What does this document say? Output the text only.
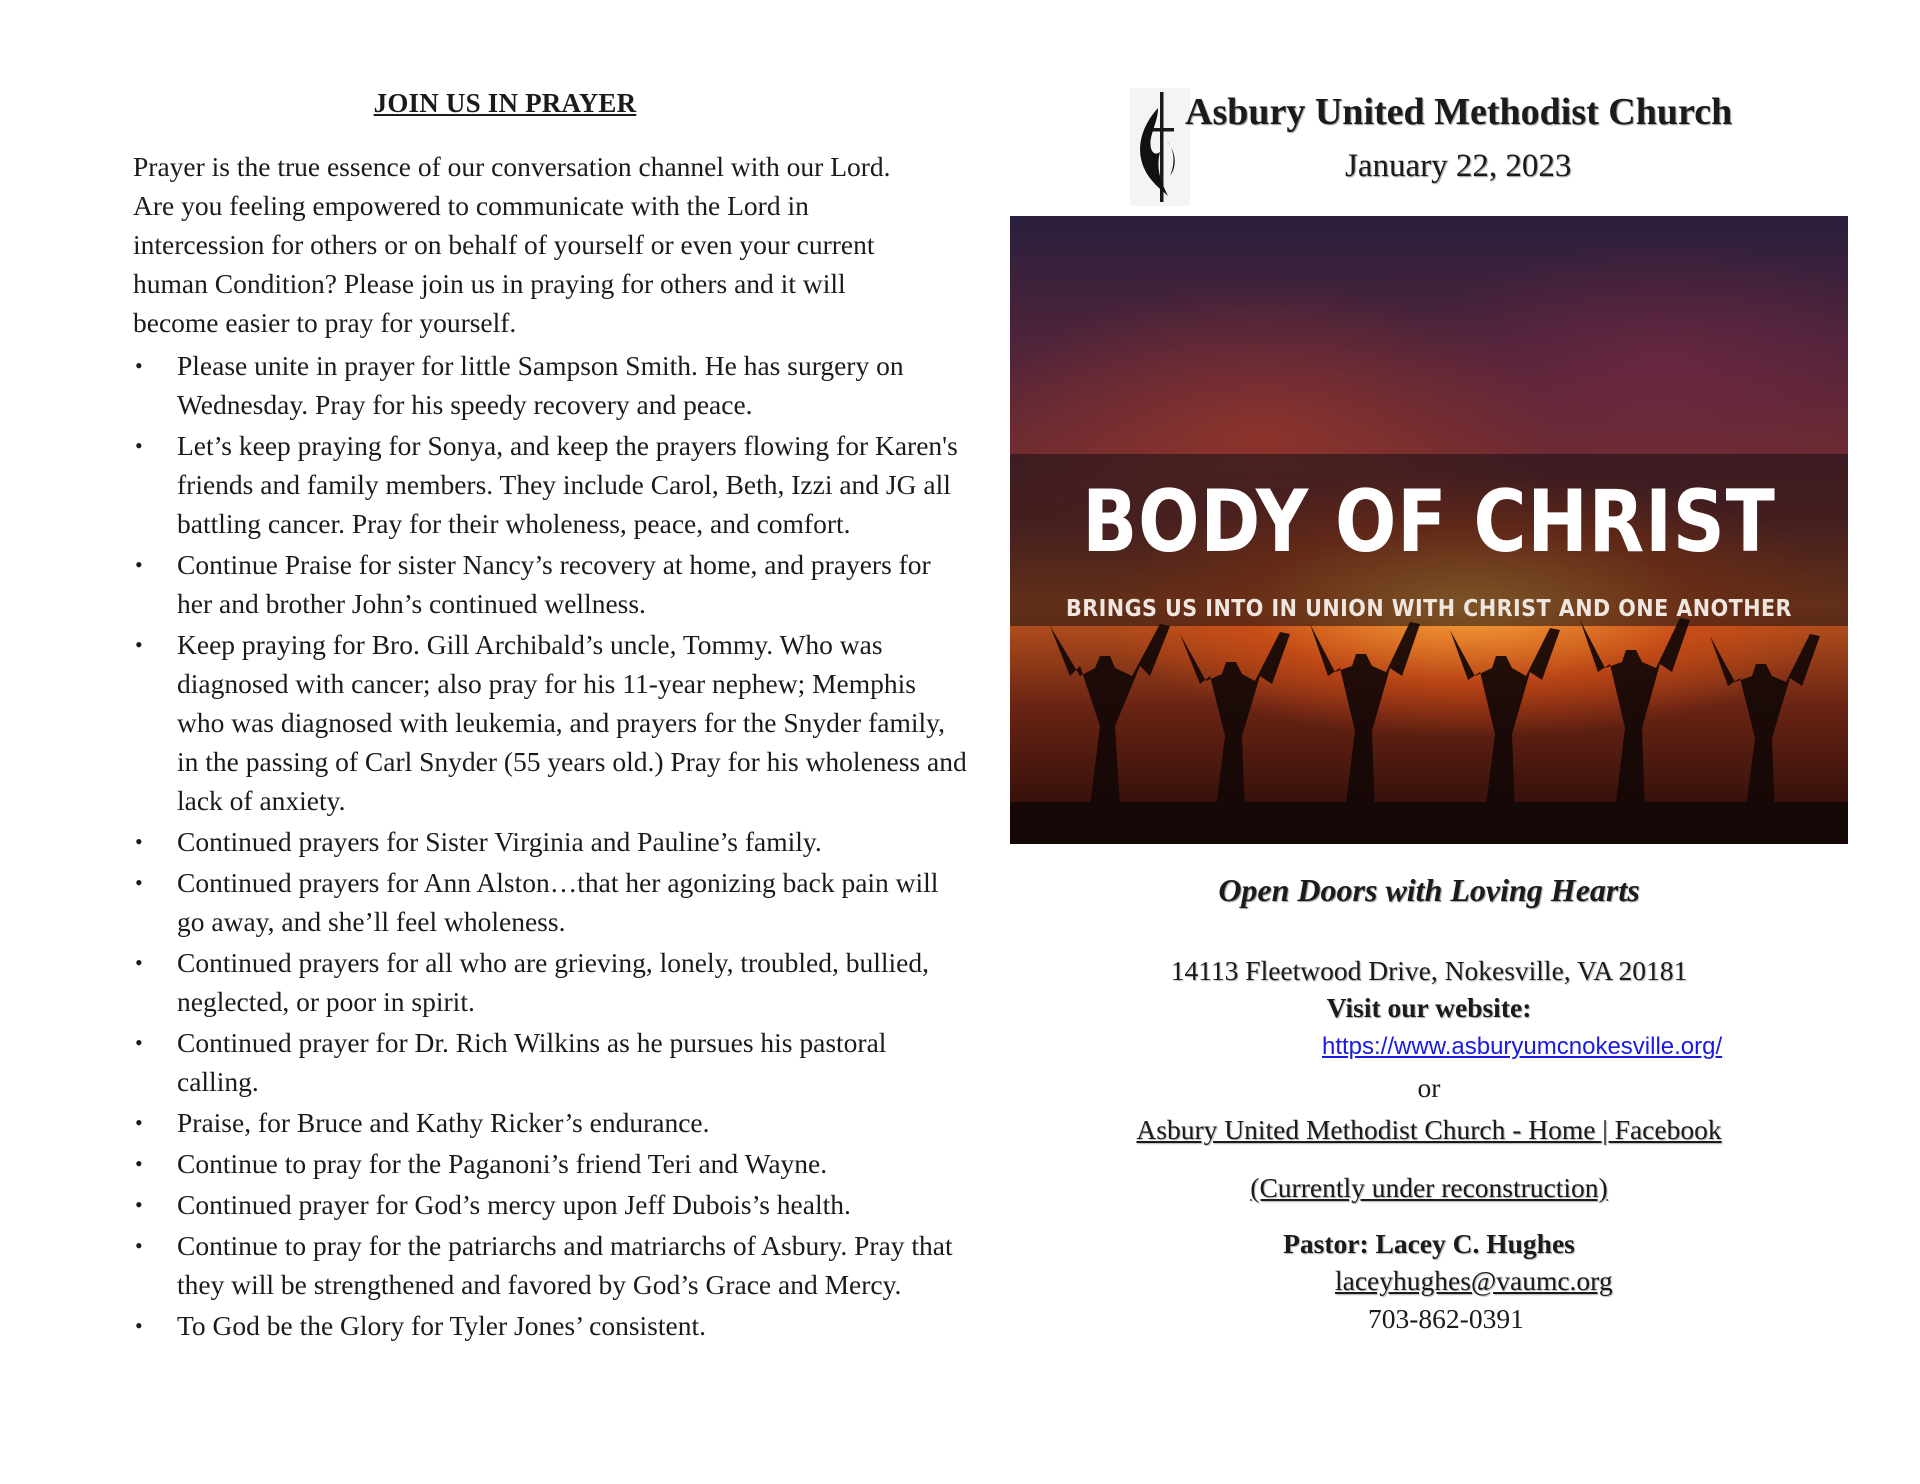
JOIN US IN PRAYER

Prayer is the true essence of our conversation channel with our Lord. Are you feeling empowered to communicate with the Lord in intercession for others or on behalf of yourself or even your current human Condition? Please join us in praying for others and it will become easier to pray for yourself.

• Please unite in prayer for little Sampson Smith. He has surgery on Wednesday. Pray for his speedy recovery and peace.
• Let’s keep praying for Sonya, and keep the prayers flowing for Karen's friends and family members. They include Carol, Beth, Izzi and JG all battling cancer. Pray for their wholeness, peace, and comfort.
• Continue Praise for sister Nancy’s recovery at home, and prayers for her and brother John’s continued wellness.
• Keep praying for Bro. Gill Archibald’s uncle, Tommy. Who was diagnosed with cancer; also pray for his 11-year nephew; Memphis who was diagnosed with leukemia, and prayers for the Snyder family, in the passing of Carl Snyder (55 years old.) Pray for his wholeness and lack of anxiety.
• Continued prayers for Sister Virginia and Pauline’s family.
• Continued prayers for Ann Alston…that her agonizing back pain will go away, and she’ll feel wholeness.
• Continued prayers for all who are grieving, lonely, troubled, bullied, neglected, or poor in spirit.
• Continued prayer for Dr. Rich Wilkins as he pursues his pastoral calling.
• Praise, for Bruce and Kathy Ricker’s endurance.
• Continue to pray for the Paganoni’s friend Teri and Wayne.
• Continued prayer for God’s mercy upon Jeff Dubois’s health.
• Continue to pray for the patriarchs and matriarchs of Asbury. Pray that they will be strengthened and favored by God’s Grace and Mercy.
• To God be the Glory for Tyler Jones’ consistent.
Asbury United Methodist Church
January 22, 2023
BODY OF CHRIST
BRINGS US INTO IN UNION WITH CHRIST AND ONE ANOTHER
Open Doors with Loving Hearts
14113 Fleetwood Drive, Nokesville, VA 20181
Visit our website:
https://www.asburyumcnokesville.org/
or
Asbury United Methodist Church - Home | Facebook
(Currently under reconstruction)
Pastor: Lacey C. Hughes
laceyhughes@vaumc.org
703-862-0391
